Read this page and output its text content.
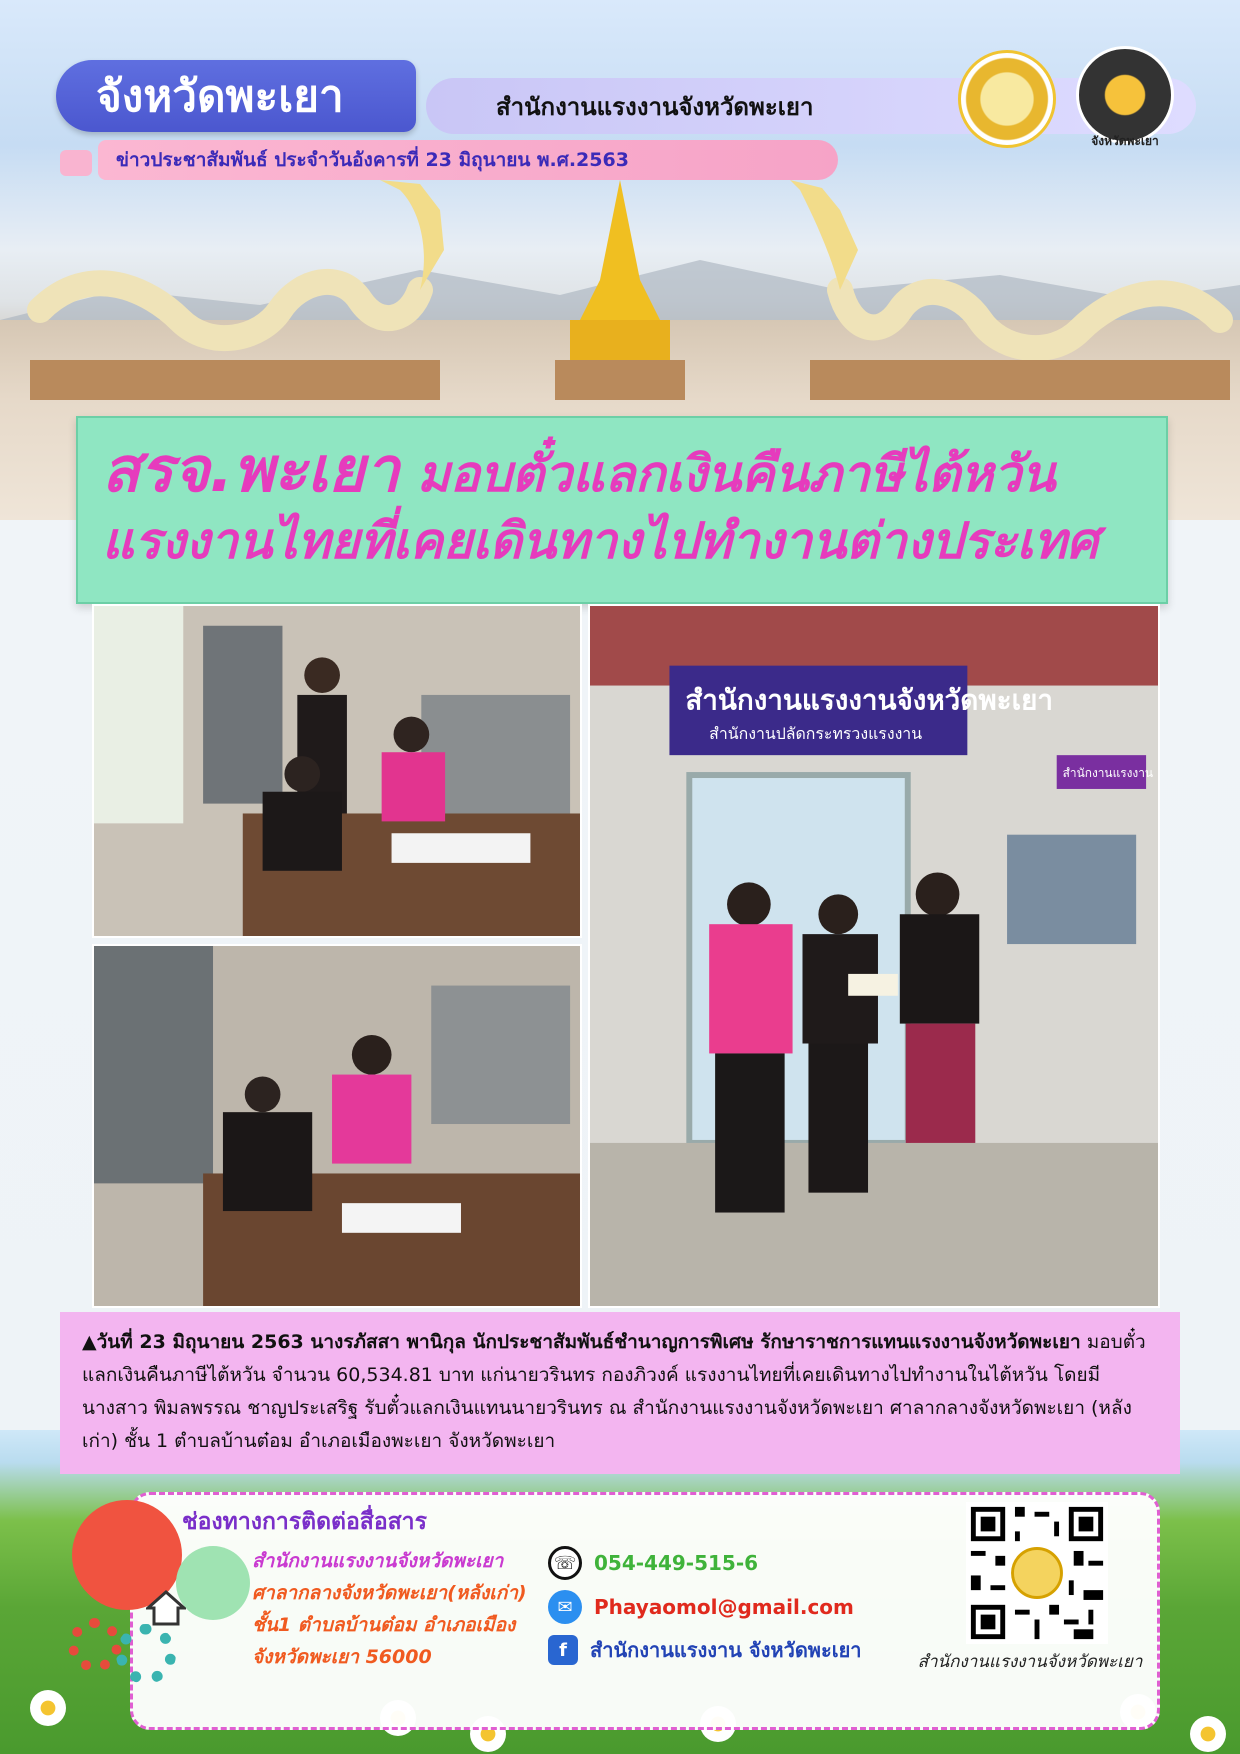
จังหวัดพะเยา	สำนักงานแรงงานจังหวัดพะเยา
ข่าวประชาสัมพันธ์ ประจำวันอังคารที่ 23 มิถุนายน พ.ศ.2563
จังหวัดพะเยา
สรจ.พะเยา มอบตั๋วแลกเงินคืนภาษีไต้หวัน
แรงงานไทยที่เคยเดินทางไปทำงานต่างประเทศ
สำนักงานแรงงานจังหวัดพะเยา
สำนักงานปลัดกระทรวงแรงงาน
สำนักงานแรงงาน
▲วันที่ 23 มิถุนายน 2563 นางรภัสสา พานิกุล นักประชาสัมพันธ์ชำนาญการพิเศษ รักษาราชการแทนแรงงานจังหวัดพะเยา มอบตั๋วแลกเงินคืนภาษีไต้หวัน จำนวน 60,534.81 บาท แก่นายวรินทร กองภิวงค์ แรงงานไทยที่เคยเดินทางไปทำงานในไต้หวัน โดยมี นางสาว พิมลพรรณ ชาญประเสริฐ รับตั๋วแลกเงินแทนนายวรินทร ณ สำนักงานแรงงานจังหวัดพะเยา ศาลากลางจังหวัดพะเยา (หลังเก่า) ชั้น 1 ตำบลบ้านต๋อม อำเภอเมืองพะเยา จังหวัดพะเยา
ช่องทางการติดต่อสื่อสาร
สำนักงานแรงงานจังหวัดพะเยา
ศาลากลางจังหวัดพะเยา(หลังเก่า)
ชั้น1 ตำบลบ้านต๋อม อำเภอเมือง
จังหวัดพะเยา 56000
☏ 054-449-515-6
✉	Phayaomol@gmail.com
f	สำนักงานแรงงาน จังหวัดพะเยา	สำนักงานแรงงานจังหวัดพะเยา
